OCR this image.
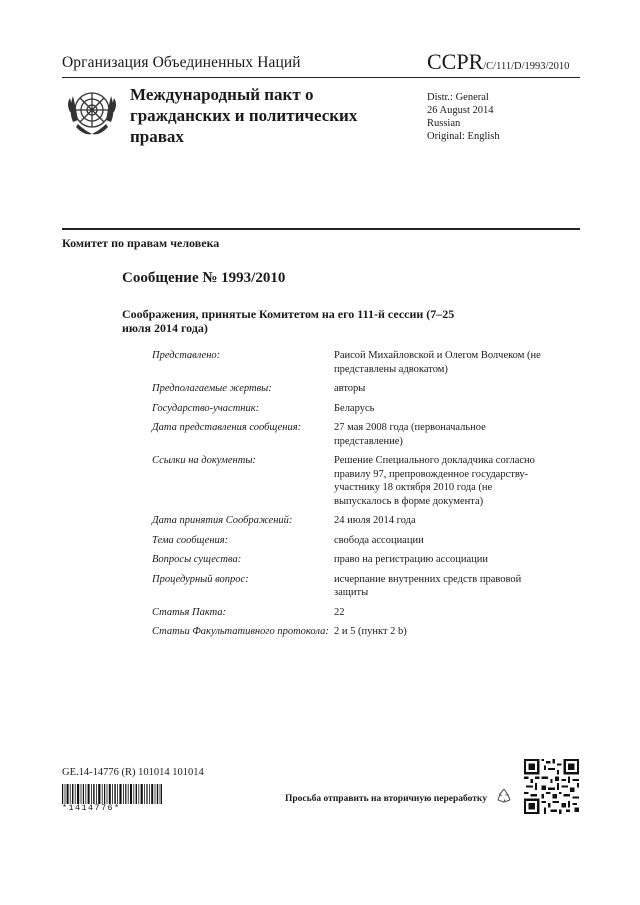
Организация Объединенных Наций	CCPR/C/111/D/1993/2010
Международный пакт о гражданских и политических правах
Distr.: General
26 August 2014
Russian
Original: English
Комитет по правам человека
Сообщение № 1993/2010
Соображения, принятые Комитетом на его 111-й сессии (7–25 июля 2014 года)
Представлено:	Раисой Михайловской и Олегом Волчеком (не представлены адвокатом)
Предполагаемые жертвы:	авторы
Государство-участник:	Беларусь
Дата представления сообщения:	27 мая 2008 года (первоначальное представление)
Ссылки на документы:	Решение Специального докладчика согласно правилу 97, препровожденное государству-участнику 18 октября 2010 года (не выпускалось в форме документа)
Дата принятия Соображений:	24 июля 2014 года
Тема сообщения:	свобода ассоциации
Вопросы существа:	право на регистрацию ассоциации
Процедурный вопрос:	исчерпание внутренних средств правовой защиты
Статья Пакта:	22
Статьи Факультативного протокола: 2 и 5 (пункт 2 b)
GE.14-14776 (R) 101014 101014
*1414776*
Просьба отправить на вторичную переработку
